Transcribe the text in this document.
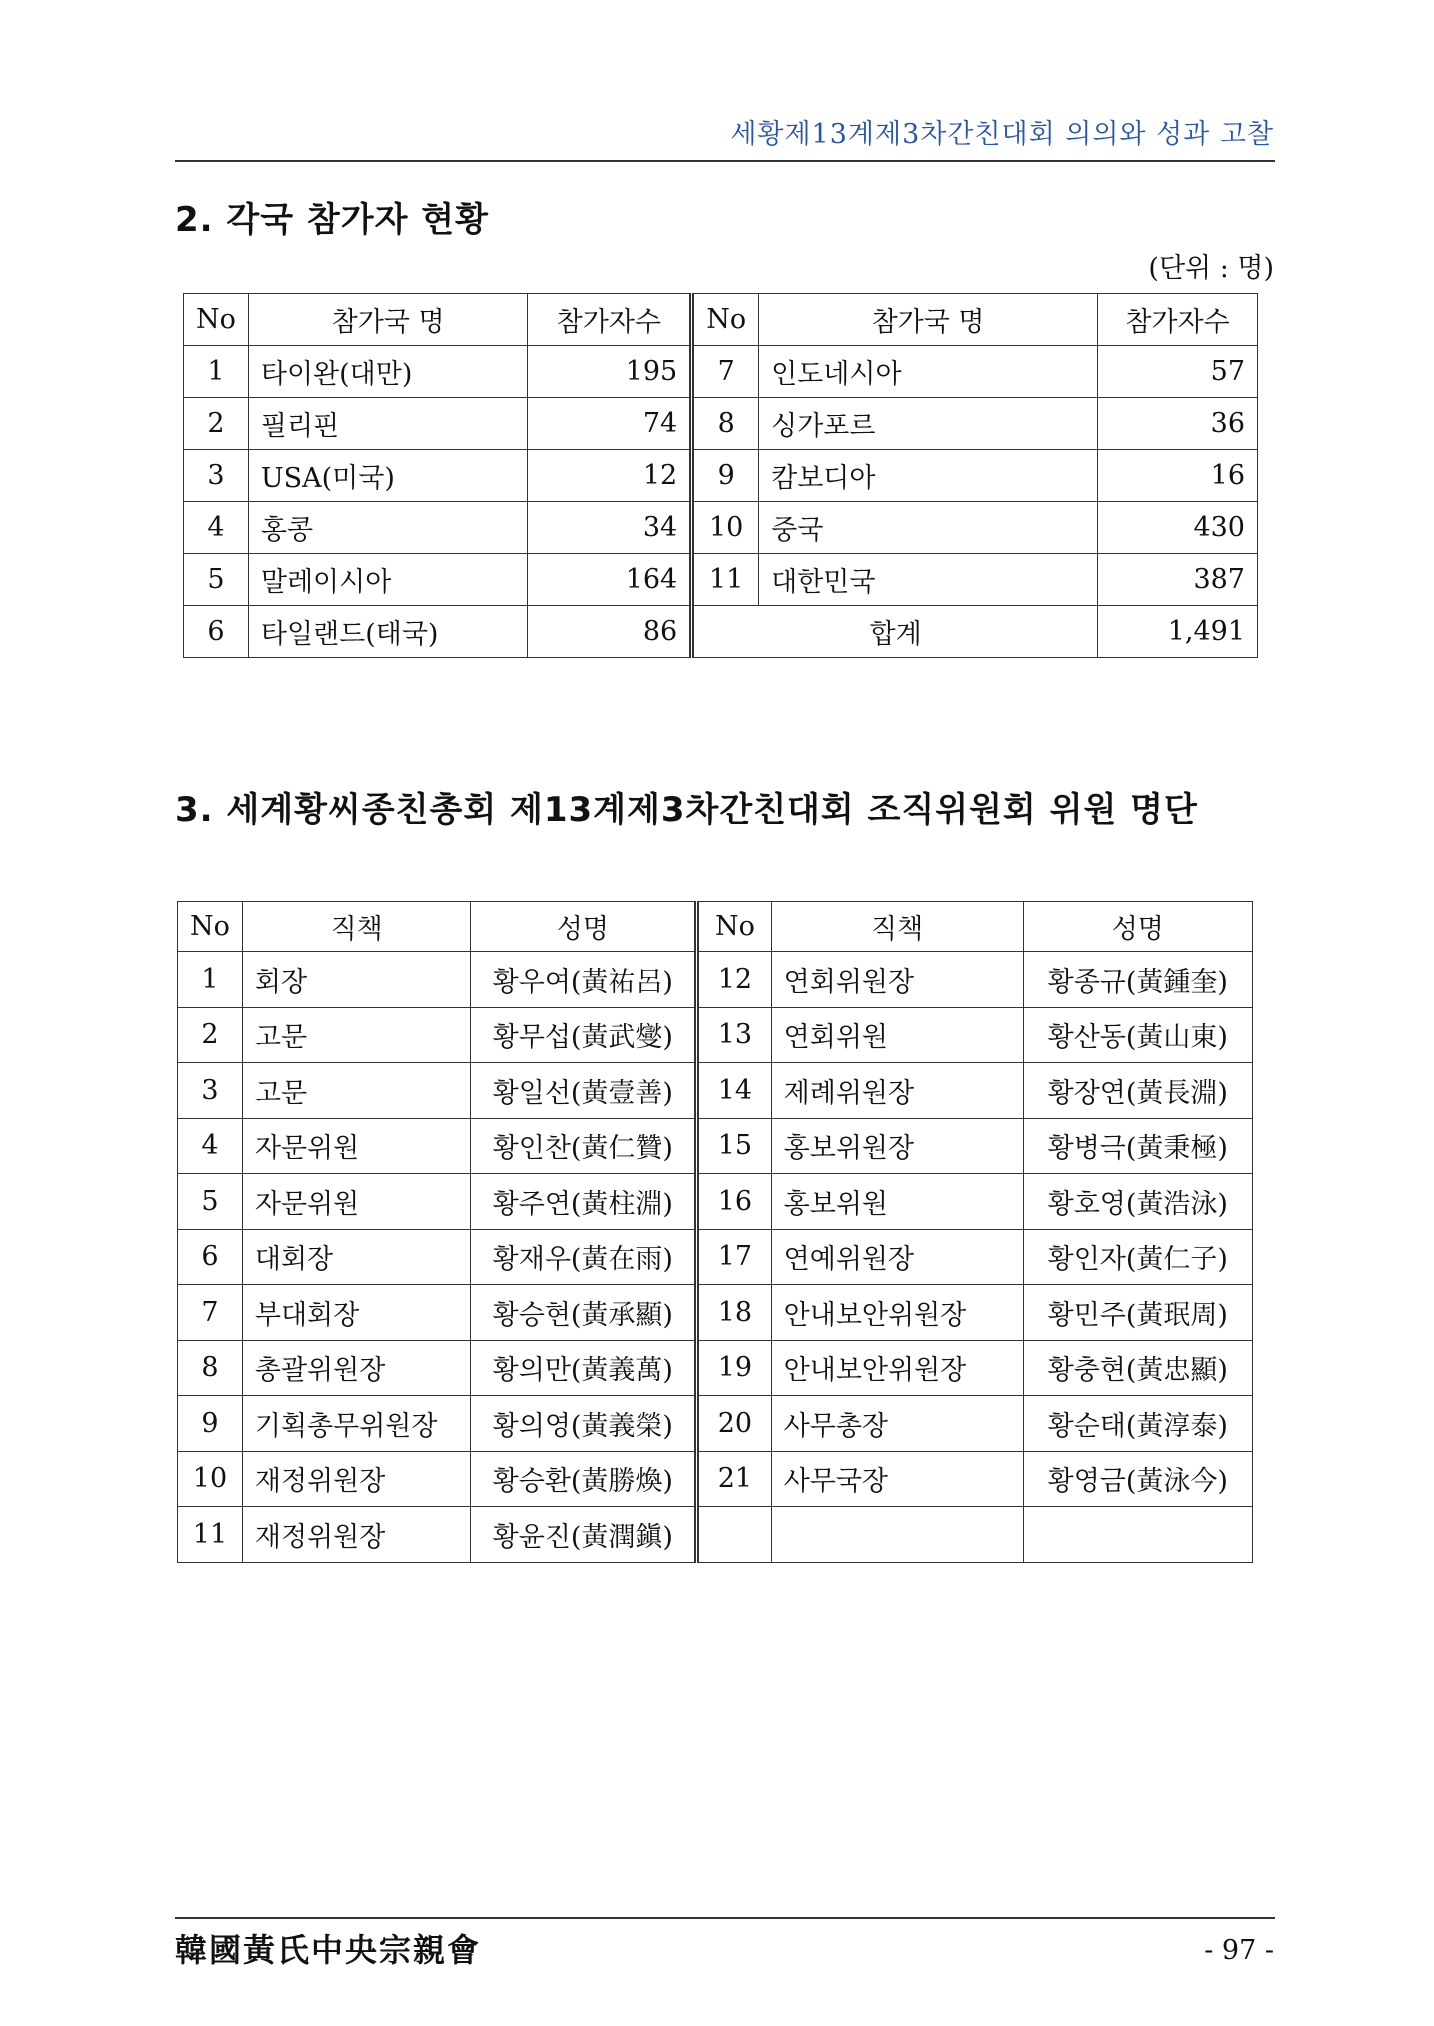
세황제13계제3차간친대회 의의와 성과 고찰
2. 각국 참가자 현황
(단위 : 명)
No	참가국 명	참가자수	No	참가국 명	참가자수
1	타이완(대만)	195	7	인도네시아	57
2	필리핀	74	8	싱가포르	36
3	USA(미국)	12	9	캄보디아	16
4	홍콩	34	10	중국	430
5	말레이시아	164	11	대한민국	387
6	타일랜드(태국)	86	합계		1,491
3. 세계황씨종친총회 제13계제3차간친대회 조직위원회 위원 명단
No	직책	성명	No	직책	성명
1	회장	황우여(黃祐呂)	12	연회위원장	황종규(黃鍾奎)
2	고문	황무섭(黃武燮)	13	연회위원	황산동(黃山東)
3	고문	황일선(黃壹善)	14	제례위원장	황장연(黃長淵)
4	자문위원	황인찬(黃仁贊)	15	홍보위원장	황병극(黃秉極)
5	자문위원	황주연(黃柱淵)	16	홍보위원	황호영(黃浩泳)
6	대회장	황재우(黃在雨)	17	연예위원장	황인자(黃仁子)
7	부대회장	황승현(黃承顯)	18	안내보안위원장	황민주(黃珉周)
8	총괄위원장	황의만(黃義萬)	19	안내보안위원장	황충현(黃忠顯)
9	기획총무위원장	황의영(黃義榮)	20	사무총장	황순태(黃淳泰)
10	재정위원장	황승환(黃勝煥)	21	사무국장	황영금(黃泳今)
11	재정위원장	황윤진(黃潤鎭)			
韓國黃氏中央宗親會	- 97 -
